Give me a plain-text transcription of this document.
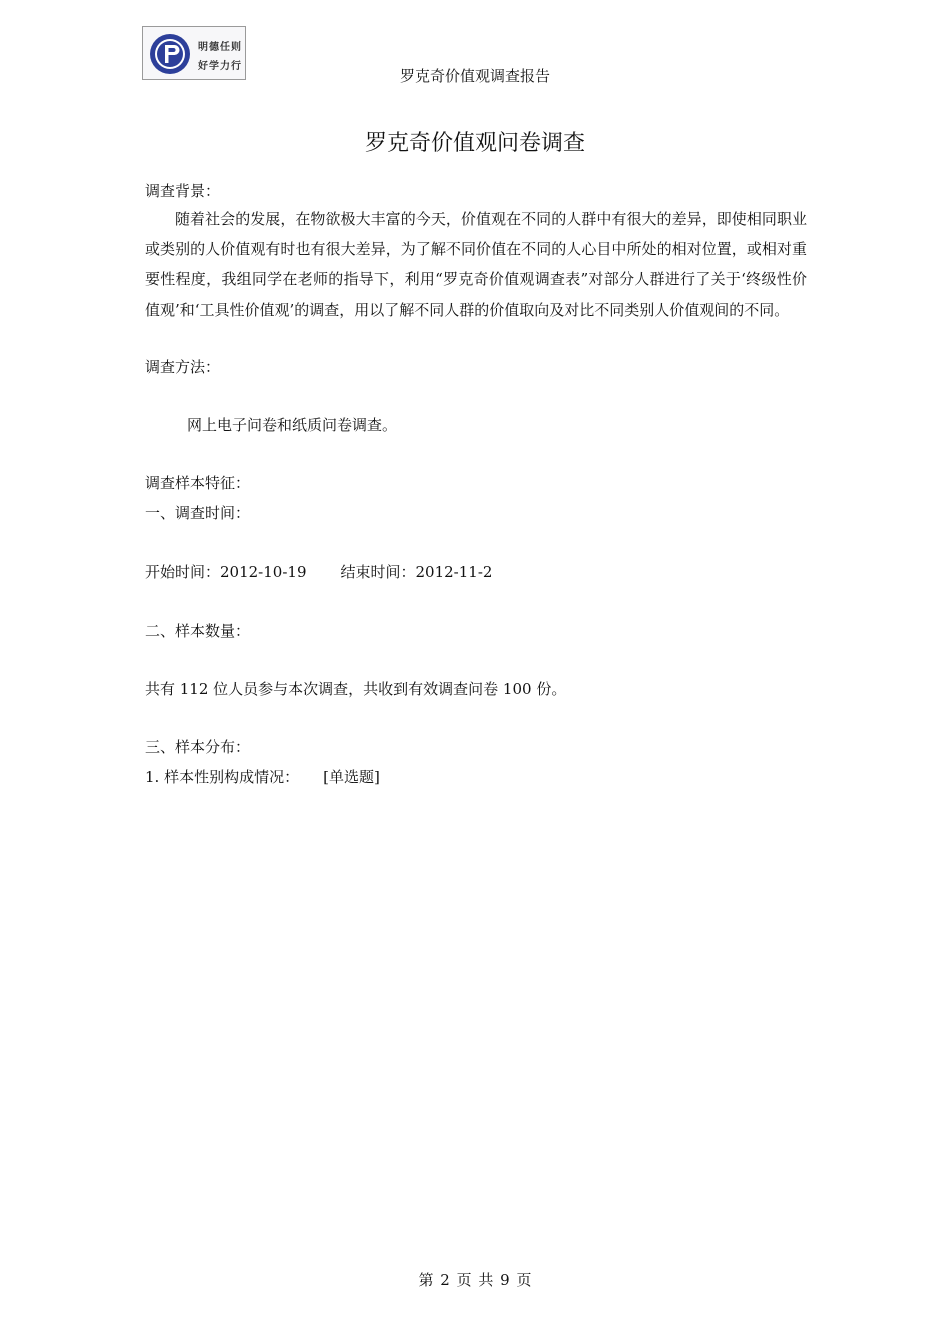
明德任则
好学力行
罗克奇价值观调查报告
罗克奇价值观问卷调查
调查背景：

随着社会的发展，在物欲极大丰富的今天，价值观在不同的人群中有很大的差异，即使相同职业或类别的人价值观有时也有很大差异，为了解不同价值在不同的人心目中所处的相对位置，或相对重要性程度，我组同学在老师的指导下，利用“罗克奇价值观调查表”对部分人群进行了关于‘终级性价值观’和‘工具性价值观’的调查，用以了解不同人群的价值取向及对比不同类别人价值观间的不同。

调查方法：
网上电子问卷和纸质问卷调查。
调查样本特征：
一、调查时间：
开始时间：2012-10-19 结束时间：2012-11-2
二、样本数量：
共有 112 位人员参与本次调查，共收到有效调查问卷 100 份。
三、样本分布：
1. 样本性别构成情况： [单选题]
第 2 页 共 9 页
